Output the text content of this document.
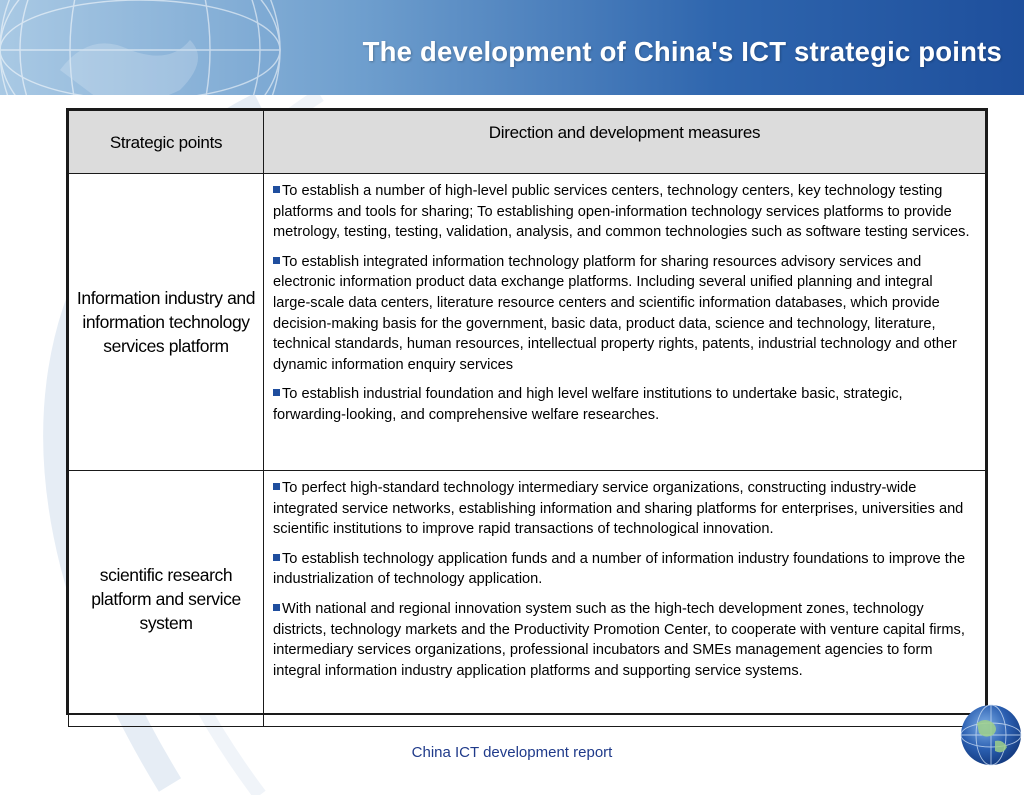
The development of China's ICT strategic points
Strategic points	Direction and development measures
Information industry and information technology services platform	To establish a number of high-level public services centers, technology centers, key technology testing platforms and tools for sharing; To establishing open-information technology services platforms to provide metrology, testing, testing, validation, analysis, and common technologies such as software testing services.

To establish integrated information technology platform for sharing resources advisory services and electronic information product data exchange platforms. Including several unified planning and integral large-scale data centers, literature resource centers and scientific information databases, which provide decision-making basis for the government, basic data, product data, science and technology, literature, technical standards, human resources, intellectual property rights, patents, industrial technology and other dynamic information enquiry services

To establish industrial foundation and high level welfare institutions to undertake basic, strategic, forwarding-looking, and comprehensive welfare researches.

scientific research platform and service system	To perfect high-standard technology intermediary service organizations, constructing industry-wide integrated service networks, establishing information and sharing platforms for enterprises, universities and scientific institutions to improve rapid transactions of technological innovation.

To establish technology application funds and a number of information industry foundations to improve the industrialization of technology application.

With national and regional innovation system such as the high-tech development zones, technology districts, technology markets and the Productivity Promotion Center, to cooperate with venture capital firms, intermediary services organizations, professional incubators and SMEs management agencies to form integral information industry application platforms and supporting service systems.

China ICT development report
